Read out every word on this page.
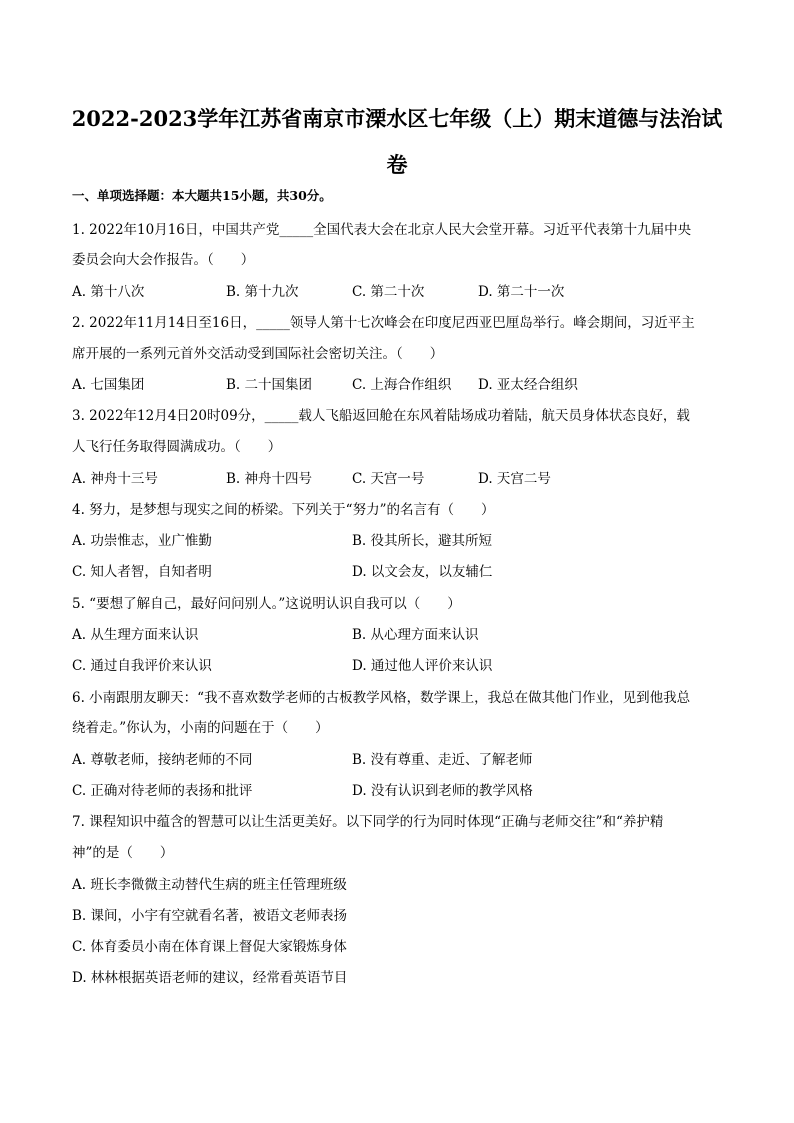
2022-2023学年江苏省南京市溧水区七年级（上）期末道德与法治试
卷
一、单项选择题：本大题共15小题，共30分。
1. 2022年10月16日，中国共产党_____全国代表大会在北京人民大会堂开幕。习近平代表第十九届中央
委员会向大会作报告。（　　）
A. 第十八次	B. 第十九次	C. 第二十次	D. 第二十一次
2. 2022年11月14日至16日，_____领导人第十七次峰会在印度尼西亚巴厘岛举行。峰会期间，习近平主
席开展的一系列元首外交活动受到国际社会密切关注。（　　）
A. 七国集团	B. 二十国集团	C. 上海合作组织 D. 亚太经合组织
3. 2022年12月4日20时09分，_____载人飞船返回舱在东风着陆场成功着陆，航天员身体状态良好，载
人飞行任务取得圆满成功。（　　）
A. 神舟十三号	B. 神舟十四号	C. 天宫一号	D. 天宫二号
4. 努力，是梦想与现实之间的桥梁。下列关于“努力”的名言有（　　）
A. 功崇惟志，业广惟勤	B. 役其所长，避其所短
C. 知人者智，自知者明	D. 以文会友，以友辅仁
5. “要想了解自己，最好问问别人。”这说明认识自我可以（　　）
A. 从生理方面来认识	B. 从心理方面来认识
C. 通过自我评价来认识	D. 通过他人评价来认识
6. 小南跟朋友聊天：“我不喜欢数学老师的古板教学风格，数学课上，我总在做其他门作业，见到他我总
绕着走。”你认为，小南的问题在于（　　）
A. 尊敬老师，接纳老师的不同	B. 没有尊重、走近、了解老师
C. 正确对待老师的表扬和批评	D. 没有认识到老师的教学风格
7. 课程知识中蕴含的智慧可以让生活更美好。以下同学的行为同时体现“正确与老师交往”和“养护精
神”的是（　　）
A. 班长李微微主动替代生病的班主任管理班级
B. 课间，小宇有空就看名著，被语文老师表扬
C. 体育委员小南在体育课上督促大家锻炼身体
D. 林林根据英语老师的建议，经常看英语节目
